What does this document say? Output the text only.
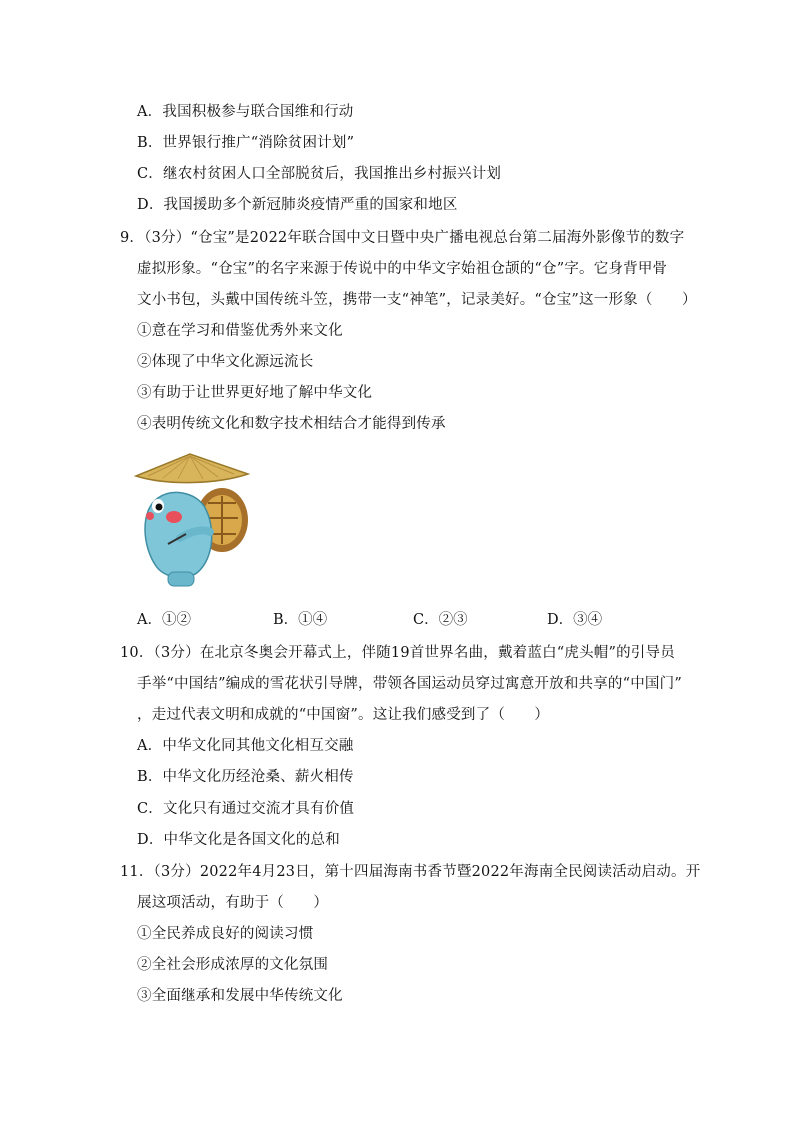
A．我国积极参与联合国维和行动
B．世界银行推广“消除贫困计划”
C．继农村贫困人口全部脱贫后，我国推出乡村振兴计划
D．我国援助多个新冠肺炎疫情严重的国家和地区
9．（3分）“仓宝”是2022年联合国中文日暨中央广播电视总台第二届海外影像节的数字
虚拟形象。“仓宝”的名字来源于传说中的中华文字始祖仓颉的“仓”字。它身背甲骨
文小书包，头戴中国传统斗笠，携带一支“神笔”，记录美好。“仓宝”这一形象（　　）
①意在学习和借鉴优秀外来文化
②体现了中华文化源远流长
③有助于让世界更好地了解中华文化
④表明传统文化和数字技术相结合才能得到传承
A．①②	B．①④	C．②③	D．③④
10．（3分）在北京冬奥会开幕式上，伴随19首世界名曲，戴着蓝白“虎头帽”的引导员
手举“中国结”编成的雪花状引导牌，带领各国运动员穿过寓意开放和共享的“中国门”
，走过代表文明和成就的“中国窗”。这让我们感受到了（　　）
A．中华文化同其他文化相互交融
B．中华文化历经沧桑、薪火相传
C．文化只有通过交流才具有价值
D．中华文化是各国文化的总和
11．（3分）2022年4月23日，第十四届海南书香节暨2022年海南全民阅读活动启动。开
展这项活动，有助于（　　）
①全民养成良好的阅读习惯
②全社会形成浓厚的文化氛围
③全面继承和发展中华传统文化
